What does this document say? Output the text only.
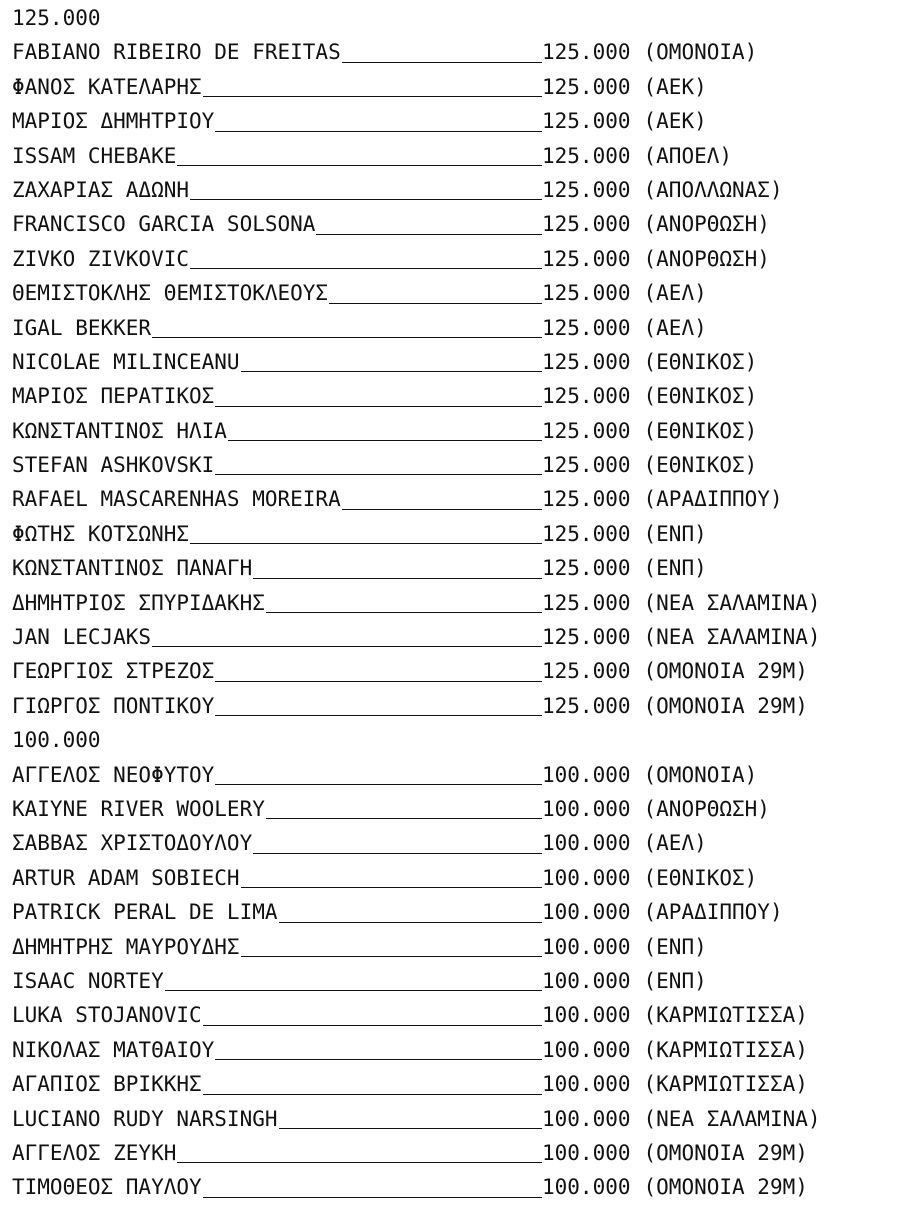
125.000
FABIANO RIBEIRO DE FREITAS	125.000 (ΟΜΟΝΟΙΑ)
ΦΑΝΟΣ ΚΑΤΕΛΑΡΗΣ	125.000 (ΑΕΚ)
ΜΑΡΙΟΣ ΔΗΜΗΤΡΙΟΥ	125.000 (ΑΕΚ)
ISSAM CHEBAKE	125.000 (ΑΠΟΕΛ)
ΖΑΧΑΡΙΑΣ ΑΔΩΝΗ	125.000 (ΑΠΟΛΛΩΝΑΣ)
FRANCISCO GARCIA SOLSONA	125.000 (ΑΝΟΡΘΩΣΗ)
ZIVKO ZIVKOVIC	125.000 (ΑΝΟΡΘΩΣΗ)
ΘΕΜΙΣΤΟΚΛΗΣ ΘΕΜΙΣΤΟΚΛΕΟΥΣ	125.000 (ΑΕΛ)
IGAL BEKKER	125.000 (ΑΕΛ)
NICOLAE MILINCEANU	125.000 (ΕΘΝΙΚΟΣ)
ΜΑΡΙΟΣ ΠΕΡΑΤΙΚΟΣ	125.000 (ΕΘΝΙΚΟΣ)
ΚΩΝΣΤΑΝΤΙΝΟΣ ΗΛΙΑ	125.000 (ΕΘΝΙΚΟΣ)
STEFAN ASHKOVSKI	125.000 (ΕΘΝΙΚΟΣ)
RAFAEL MASCARENHAS MOREIRA	125.000 (ΑΡΑΔΙΠΠΟΥ)
ΦΩΤΗΣ ΚΟΤΣΩΝΗΣ	125.000 (ΕΝΠ)
ΚΩΝΣΤΑΝΤΙΝΟΣ ΠΑΝΑΓΗ	125.000 (ΕΝΠ)
ΔΗΜΗΤΡΙΟΣ ΣΠΥΡΙΔΑΚΗΣ	125.000 (ΝΕΑ ΣΑΛΑΜΙΝΑ)
JAN LECJAKS	125.000 (ΝΕΑ ΣΑΛΑΜΙΝΑ)
ΓΕΩΡΓΙΟΣ ΣΤΡΕΖΟΣ	125.000 (ΟΜΟΝΟΙΑ 29Μ)
ΓΙΩΡΓΟΣ ΠΟΝΤΙΚΟΥ	125.000 (ΟΜΟΝΟΙΑ 29Μ)
100.000
ΑΓΓΕΛΟΣ ΝΕΟΦΥΤΟΥ	100.000 (ΟΜΟΝΟΙΑ)
KAIYNE RIVER WOOLERY	100.000 (ΑΝΟΡΘΩΣΗ)
ΣΑΒΒΑΣ ΧΡΙΣΤΟΔΟΥΛΟΥ	100.000 (ΑΕΛ)
ARTUR ADAM SOBIECH	100.000 (ΕΘΝΙΚΟΣ)
PATRICK PERAL DE LIMA	100.000 (ΑΡΑΔΙΠΠΟΥ)
ΔΗΜΗΤΡΗΣ ΜΑΥΡΟΥΔΗΣ	100.000 (ΕΝΠ)
ISAAC NORTEY	100.000 (ΕΝΠ)
LUKA STOJANOVIC	100.000 (ΚΑΡΜΙΩΤΙΣΣΑ)
ΝΙΚΟΛΑΣ ΜΑΤΘΑΙΟΥ	100.000 (ΚΑΡΜΙΩΤΙΣΣΑ)
ΑΓΑΠΙΟΣ ΒΡΙΚΚΗΣ	100.000 (ΚΑΡΜΙΩΤΙΣΣΑ)
LUCIANO RUDY NARSINGH	100.000 (ΝΕΑ ΣΑΛΑΜΙΝΑ)
ΑΓΓΕΛΟΣ ΖΕΥΚΗ	100.000 (ΟΜΟΝΟΙΑ 29Μ)
ΤΙΜΟΘΕΟΣ ΠΑΥΛΟΥ	100.000 (ΟΜΟΝΟΙΑ 29Μ)
